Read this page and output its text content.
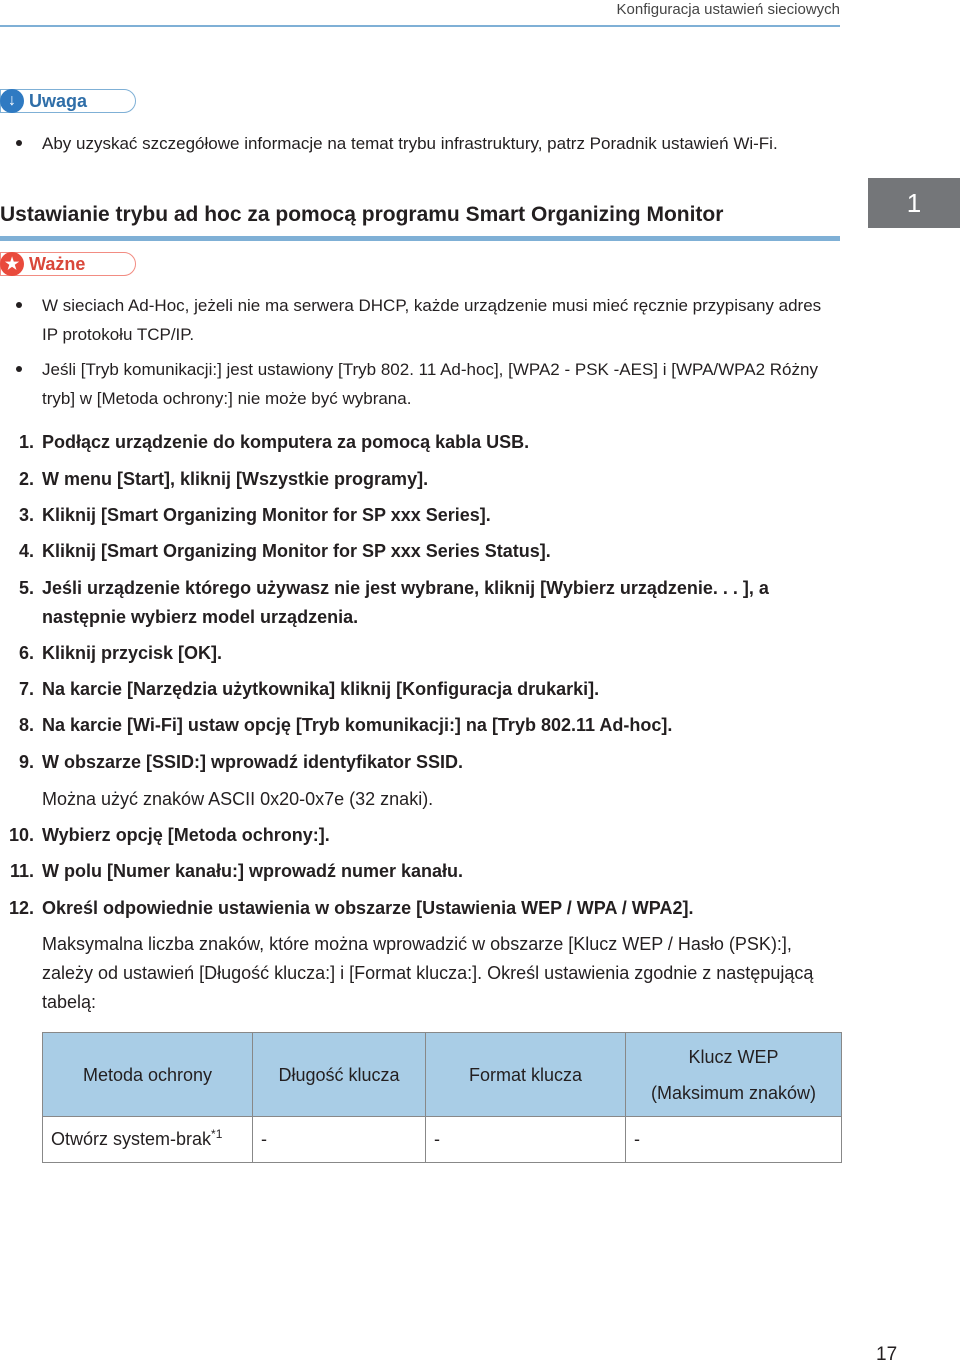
Konfiguracja ustawień sieciowych
↓ Uwaga
Aby uzyskać szczegółowe informacje na temat trybu infrastruktury, patrz Poradnik ustawień Wi-Fi.
Ustawianie trybu ad hoc za pomocą programu Smart Organizing Monitor	1
★ Ważne
W sieciach Ad-Hoc, jeżeli nie ma serwera DHCP, każde urządzenie musi mieć ręcznie przypisany adres IP protokołu TCP/IP.
Jeśli [Tryb komunikacji:] jest ustawiony [Tryb 802. 11 Ad-hoc], [WPA2 - PSK -AES] i [WPA/WPA2 Różny tryb] w [Metoda ochrony:] nie może być wybrana.
1. Podłącz urządzenie do komputera za pomocą kabla USB.
2. W menu [Start], kliknij [Wszystkie programy].
3. Kliknij [Smart Organizing Monitor for SP xxx Series].
4. Kliknij [Smart Organizing Monitor for SP xxx Series Status].
5. Jeśli urządzenie którego używasz nie jest wybrane, kliknij [Wybierz urządzenie. . . ], a następnie wybierz model urządzenia.
6. Kliknij przycisk [OK].
7. Na karcie [Narzędzia użytkownika] kliknij [Konfiguracja drukarki].
8. Na karcie [Wi-Fi] ustaw opcję [Tryb komunikacji:] na [Tryb 802.11 Ad-hoc].
9. W obszarze [SSID:] wprowadź identyfikator SSID.
Można użyć znaków ASCII 0x20-0x7e (32 znaki).
10. Wybierz opcję [Metoda ochrony:].
11. W polu [Numer kanału:] wprowadź numer kanału.
12. Określ odpowiednie ustawienia w obszarze [Ustawienia WEP / WPA / WPA2].
Maksymalna liczba znaków, które można wprowadzić w obszarze [Klucz WEP / Hasło (PSK):], zależy od ustawień [Długość klucza:] i [Format klucza:]. Określ ustawienia zgodnie z następującą tabelą:
Metoda ochrony	Długość klucza	Format klucza	Klucz WEP
(Maksimum znaków)

Otwórz system-brak$^{*1}$	-	-	-
17
